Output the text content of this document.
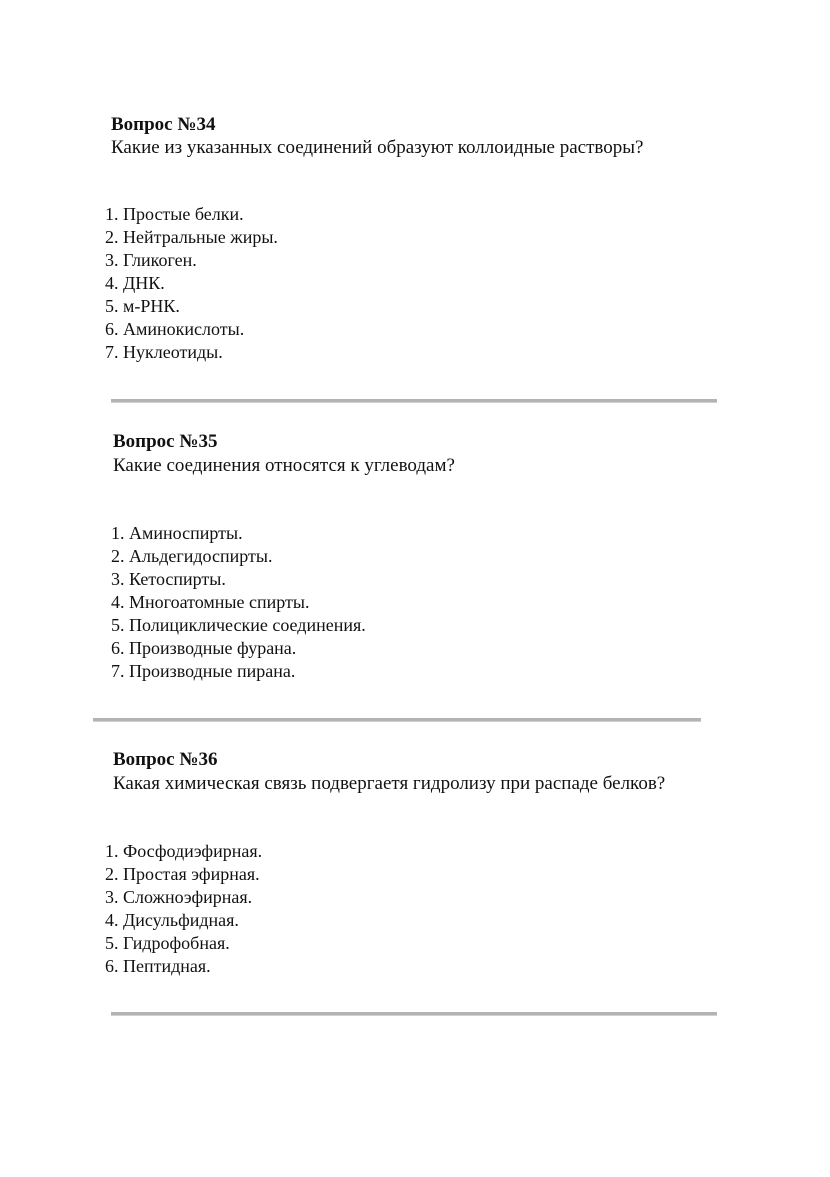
Вопрос №34
Какие из указанных соединений образуют коллоидные растворы?
1. Простые белки.
2. Нейтральные жиры.
3. Гликоген.
4. ДНК.
5. м-РНК.
6. Аминокислоты.
7. Нуклеотиды.
Вопрос №35
Какие соединения относятся к углеводам?
1. Аминоспирты.
2. Альдегидоспирты.
3. Кетоспирты.
4. Многоатомные спирты.
5. Полициклические соединения.
6. Производные фурана.
7. Производные пирана.
Вопрос №36
Какая химическая связь подвергаетя гидролизу при распаде белков?
1. Фосфодиэфирная.
2. Простая эфирная.
3. Сложноэфирная.
4. Дисульфидная.
5. Гидрофобная.
6. Пептидная.
